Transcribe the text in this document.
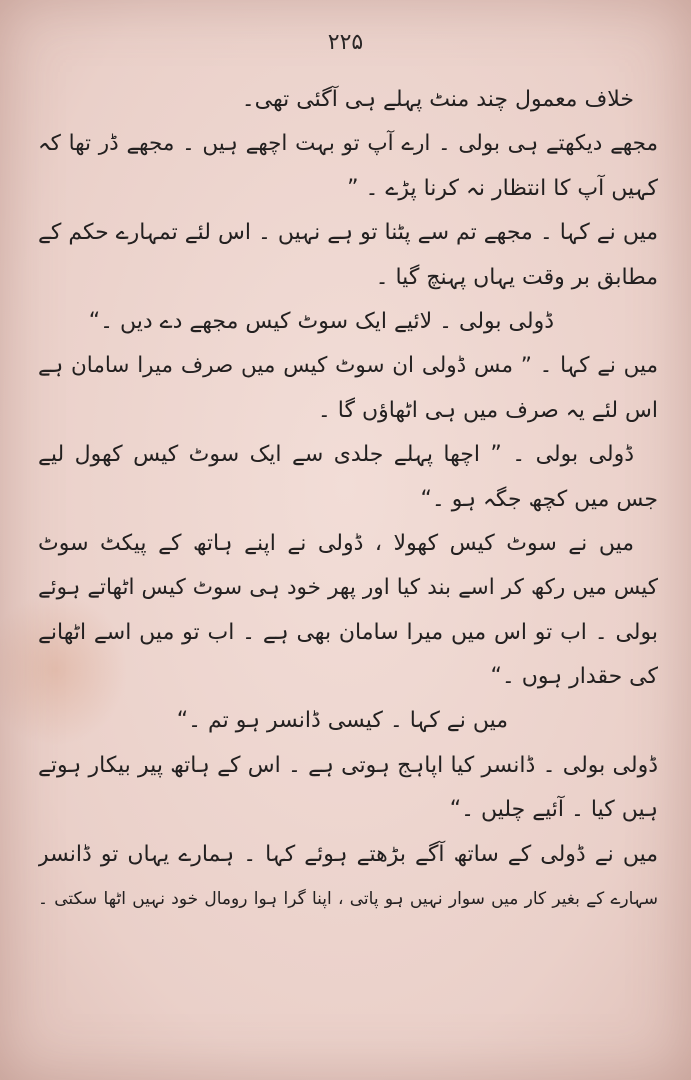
۲۲۵

خلاف معمول چند منٹ پہلے ہی آگئی تھی۔

مجھے دیکھتے ہی بولی ۔ ارے آپ تو بہت اچھے ہیں ۔ مجھے ڈر تھا کہ

کہیں آپ کا انتظار نہ کرنا پڑے ۔ ”

میں نے کہا ۔ مجھے تم سے پٹنا تو ہے نہیں ۔ اس لئے تمہارے حکم کے

مطابق بر وقت یہاں پہنچ گیا ۔

ڈولی بولی ۔ لائیے ایک سوٹ کیس مجھے دے دیں ۔“

میں نے کہا ۔ ” مس ڈولی ان سوٹ کیس میں صرف میرا سامان ہے

اس لئے یہ صرف میں ہی اٹھاؤں گا ۔

ڈولی بولی ۔ ” اچھا پہلے جلدی سے ایک سوٹ کیس کھول لیے

جس میں کچھ جگہ ہو ۔“

میں نے سوٹ کیس کھولا ، ڈولی نے اپنے ہاتھ کے پیکٹ سوٹ

کیس میں رکھ کر اسے بند کیا اور پھر خود ہی سوٹ کیس اٹھاتے ہوئے

بولی ۔ اب تو اس میں میرا سامان بھی ہے ۔ اب تو میں اسے اٹھانے

کی حقدار ہوں ۔“

میں نے کہا ۔ کیسی ڈانسر ہو تم ۔“

ڈولی بولی ۔ ڈانسر کیا اپاہج ہوتی ہے ۔ اس کے ہاتھ پیر بیکار ہوتے

ہیں کیا ۔ آئیے چلیں ۔“

میں نے ڈولی کے ساتھ آگے بڑھتے ہوئے کہا ۔ ہمارے یہاں تو ڈانسر

سہارے کے بغیر کار میں سوار نہیں ہو پاتی ، اپنا گرا ہوا رومال خود نہیں اٹھا سکتی ۔
